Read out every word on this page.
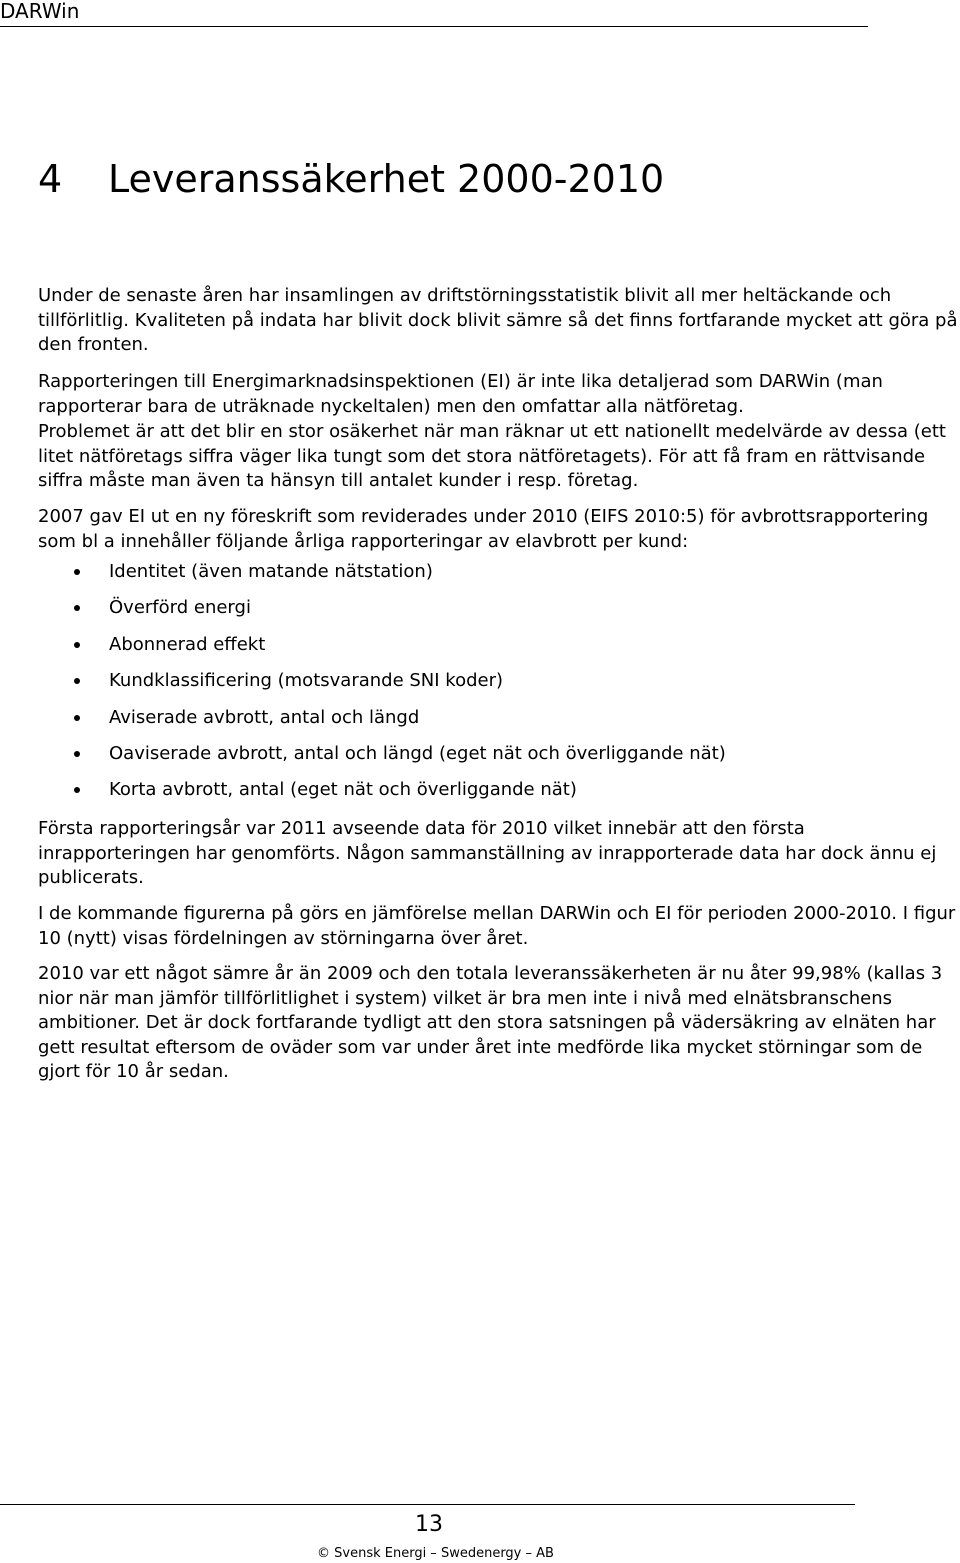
DARWin
4 Leveranssäkerhet 2000-2010

Under de senaste åren har insamlingen av driftstörningsstatistik blivit all mer heltäckande och tillförlitlig. Kvaliteten på indata har blivit dock blivit sämre så det finns fortfarande mycket att göra på den fronten.

Rapporteringen till Energimarknadsinspektionen (EI) är inte lika detaljerad som DARWin (man rapporterar bara de uträknade nyckeltalen) men den omfattar alla nätföretag.

Problemet är att det blir en stor osäkerhet när man räknar ut ett nationellt medelvärde av dessa (ett litet nätföretags siffra väger lika tungt som det stora nätföretagets). För att få fram en rättvisande siffra måste man även ta hänsyn till antalet kunder i resp. företag.

2007 gav EI ut en ny föreskrift som reviderades under 2010 (EIFS 2010:5) för avbrottsrapportering som bl a innehåller följande årliga rapporteringar av elavbrott per kund:

Identitet (även matande nätstation)
Överförd energi
Abonnerad effekt
Kundklassificering (motsvarande SNI koder)
Aviserade avbrott, antal och längd
Oaviserade avbrott, antal och längd (eget nät och överliggande nät)
Korta avbrott, antal (eget nät och överliggande nät)

Första rapporteringsår var 2011 avseende data för 2010 vilket innebär att den första inrapporteringen har genomförts. Någon sammanställning av inrapporterade data har dock ännu ej publicerats.

I de kommande figurerna på görs en jämförelse mellan DARWin och EI för perioden 2000-2010. I figur 10 (nytt) visas fördelningen av störningarna över året.

2010 var ett något sämre år än 2009 och den totala leveranssäkerheten är nu åter 99,98% (kallas 3 nior när man jämför tillförlitlighet i system) vilket är bra men inte i nivå med elnätsbranschens ambitioner. Det är dock fortfarande tydligt att den stora satsningen på vädersäkring av elnäten har gett resultat eftersom de oväder som var under året inte medförde lika mycket störningar som de gjort för 10 år sedan.

13
© Svensk Energi – Swedenergy – AB
